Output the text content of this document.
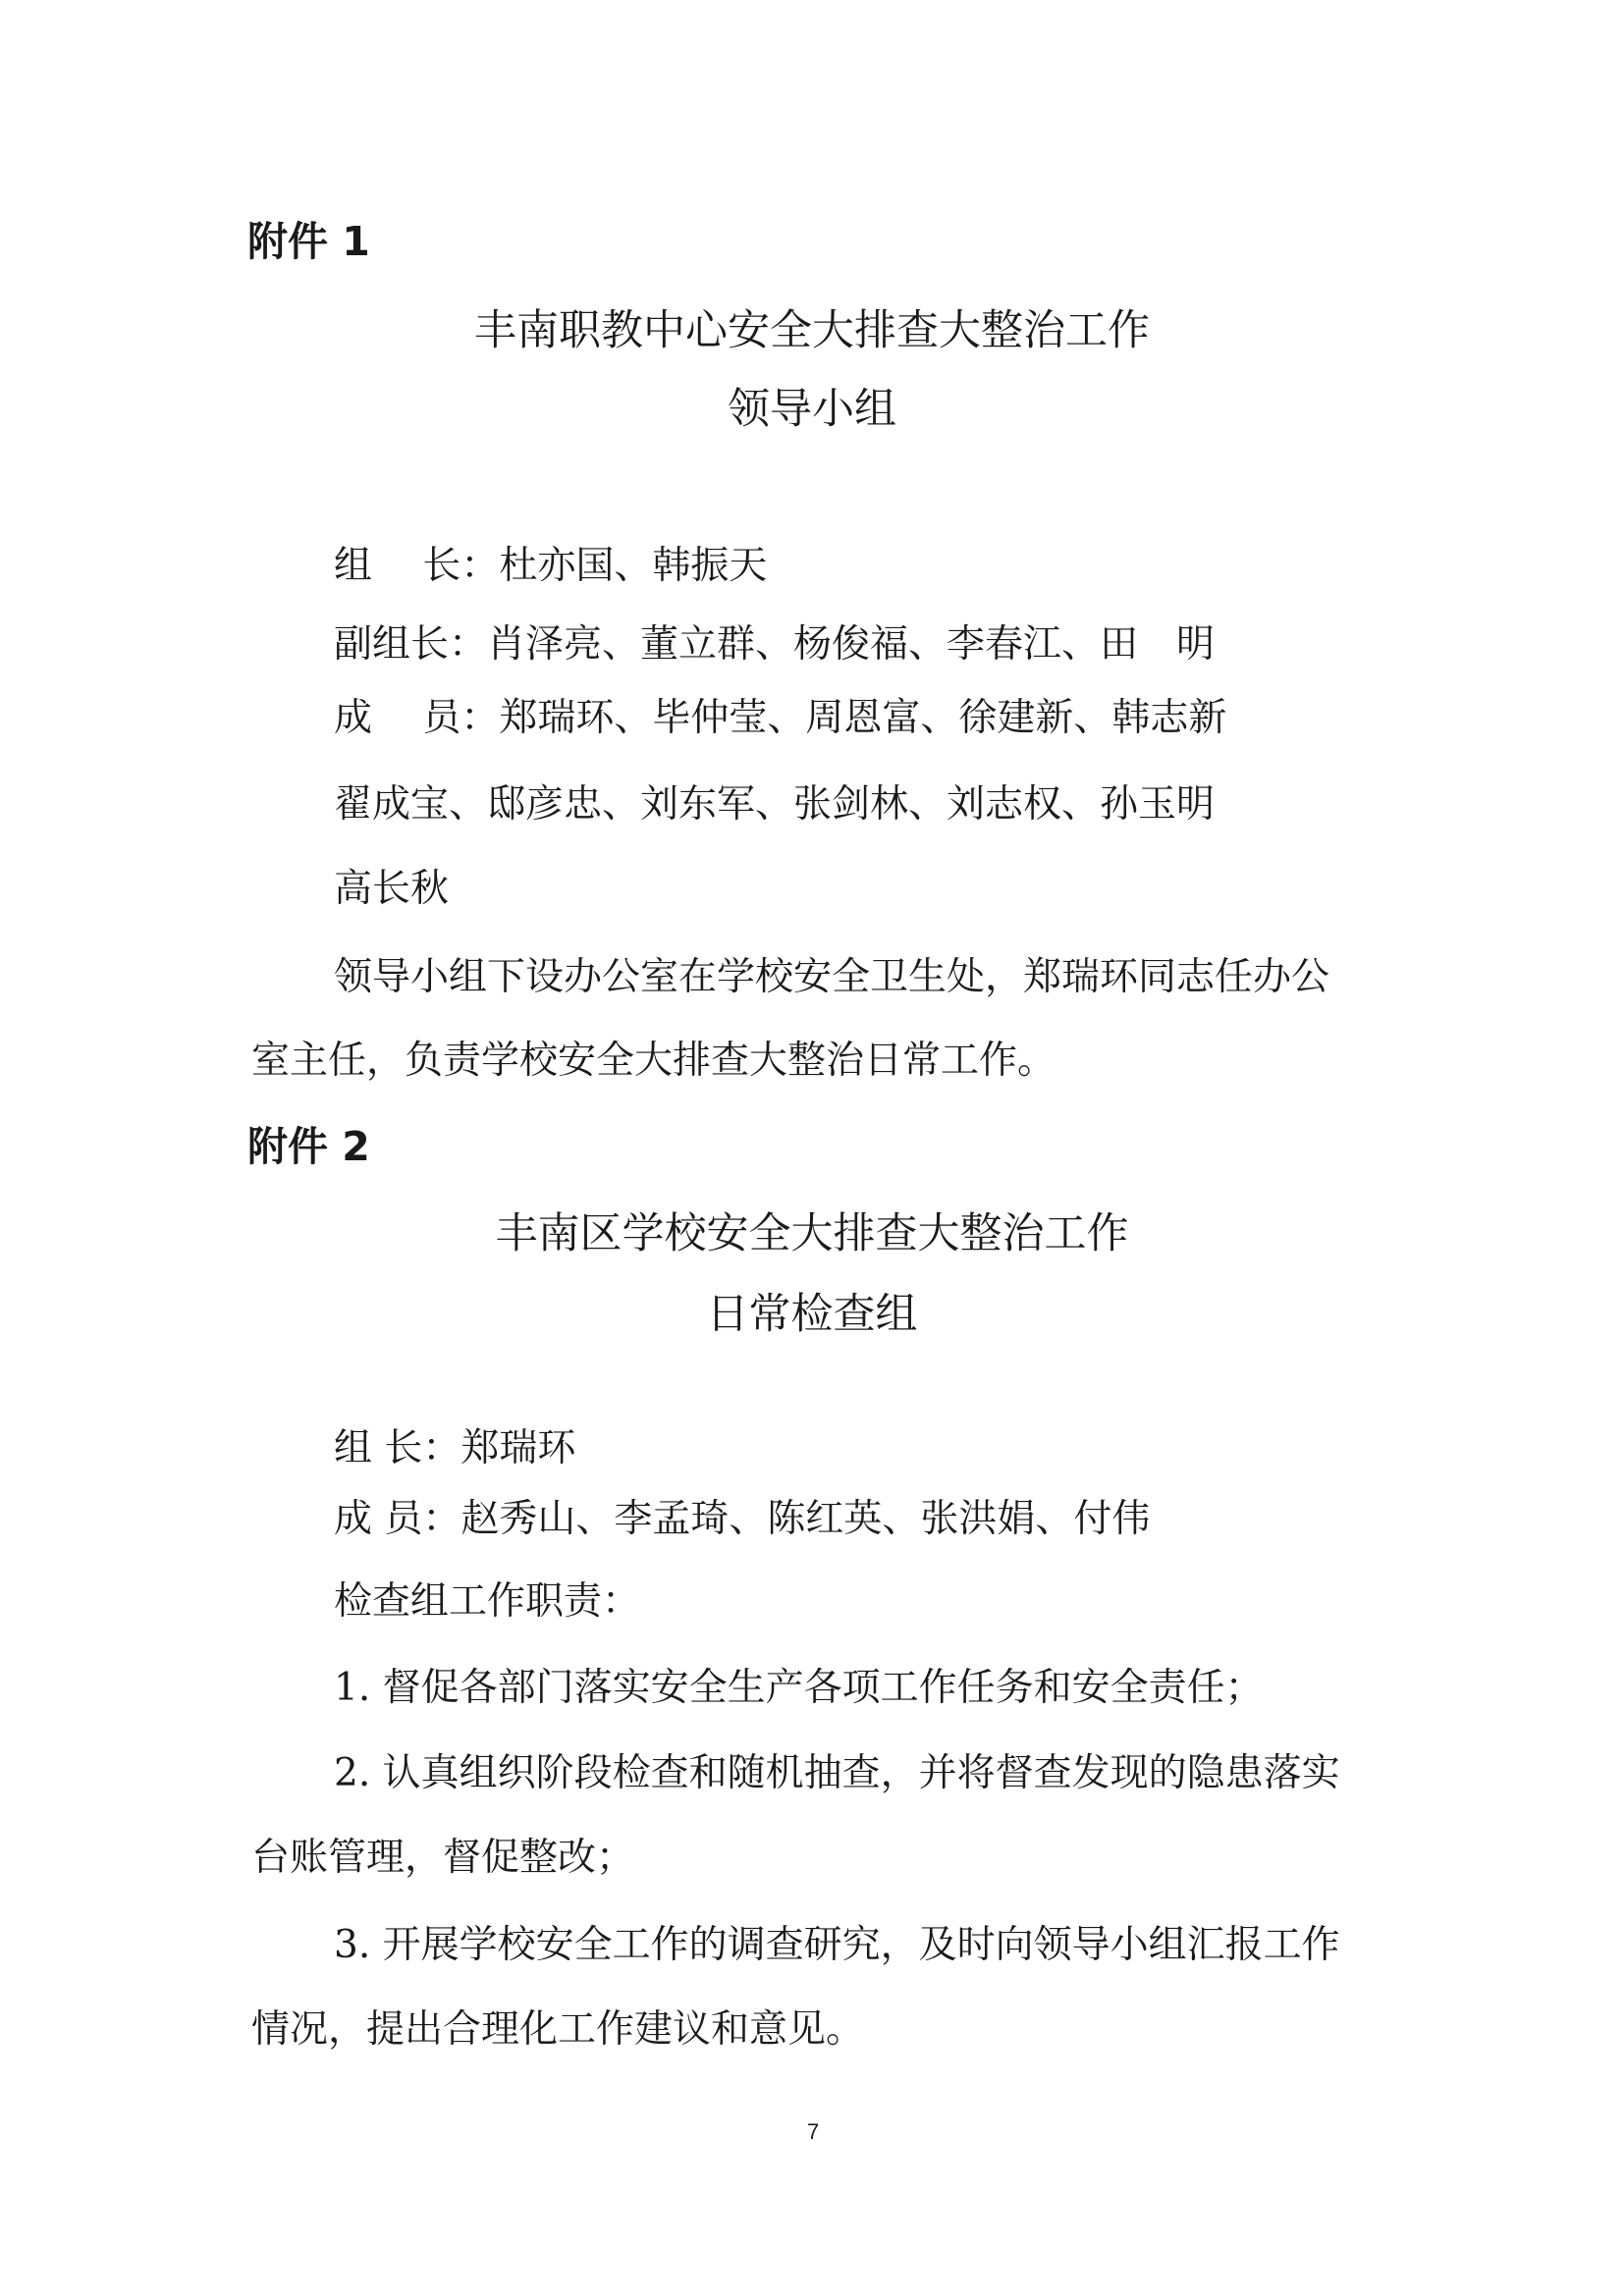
附件 1
丰南职教中心安全大排查大整治工作
领导小组
组　 长：杜亦国、韩振天
副组长：肖泽亮、董立群、杨俊福、李春江、田　明
成　 员：郑瑞环、毕仲莹、周恩富、徐建新、韩志新
翟成宝、邸彦忠、刘东军、张剑林、刘志权、孙玉明
高长秋
领导小组下设办公室在学校安全卫生处，郑瑞环同志任办公
室主任，负责学校安全大排查大整治日常工作。
附件 2
丰南区学校安全大排查大整治工作
日常检查组
组 长：郑瑞环
成 员：赵秀山、李孟琦、陈红英、张洪娟、付伟
检查组工作职责：
1. 督促各部门落实安全生产各项工作任务和安全责任；
2. 认真组织阶段检查和随机抽查，并将督查发现的隐患落实
台账管理，督促整改；
3. 开展学校安全工作的调查研究，及时向领导小组汇报工作
情况，提出合理化工作建议和意见。
7
